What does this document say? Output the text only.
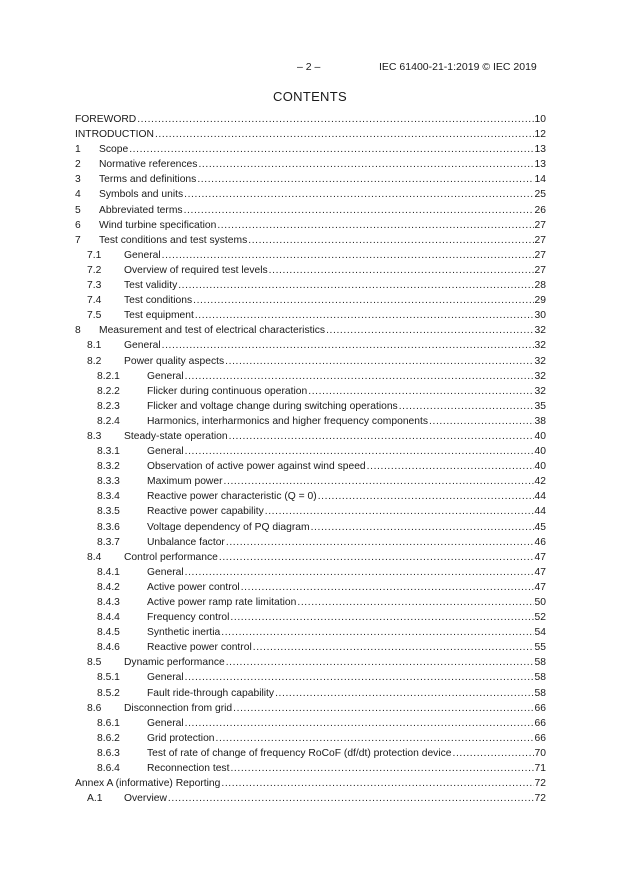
– 2 –	IEC 61400-21-1:2019 © IEC 2019
CONTENTS
FOREWORD .....	10
INTRODUCTION .....	12
1	Scope .....	13
2	Normative references .....	13
3	Terms and definitions .....	14
4	Symbols and units .....	25
5	Abbreviated terms .....	26
6	Wind turbine specification .....	27
7	Test conditions and test systems .....	27
7.1	General .....	27
7.2	Overview of required test levels .....	27
7.3	Test validity .....	28
7.4	Test conditions .....	29
7.5	Test equipment .....	30
8	Measurement and test of electrical characteristics .....	32
8.1	General .....	32
8.2	Power quality aspects .....	32
8.2.1	General .....	32
8.2.2	Flicker during continuous operation .....	32
8.2.3	Flicker and voltage change during switching operations .....	35
8.2.4	Harmonics, interharmonics and higher frequency components .....	38
8.3	Steady-state operation .....	40
8.3.1	General .....	40
8.3.2	Observation of active power against wind speed .....	40
8.3.3	Maximum power .....	42
8.3.4	Reactive power characteristic (Q = 0) .....	44
8.3.5	Reactive power capability .....	44
8.3.6	Voltage dependency of PQ diagram .....	45
8.3.7	Unbalance factor .....	46
8.4	Control performance .....	47
8.4.1	General .....	47
8.4.2	Active power control .....	47
8.4.3	Active power ramp rate limitation .....	50
8.4.4	Frequency control .....	52
8.4.5	Synthetic inertia .....	54
8.4.6	Reactive power control .....	55
8.5	Dynamic performance .....	58
8.5.1	General .....	58
8.5.2	Fault ride-through capability .....	58
8.6	Disconnection from grid .....	66
8.6.1	General .....	66
8.6.2	Grid protection .....	66
8.6.3	Test of rate of change of frequency RoCoF (df/dt) protection device .....	70
8.6.4	Reconnection test .....	71
Annex A (informative) Reporting .....	72
A.1	Overview .....	72
